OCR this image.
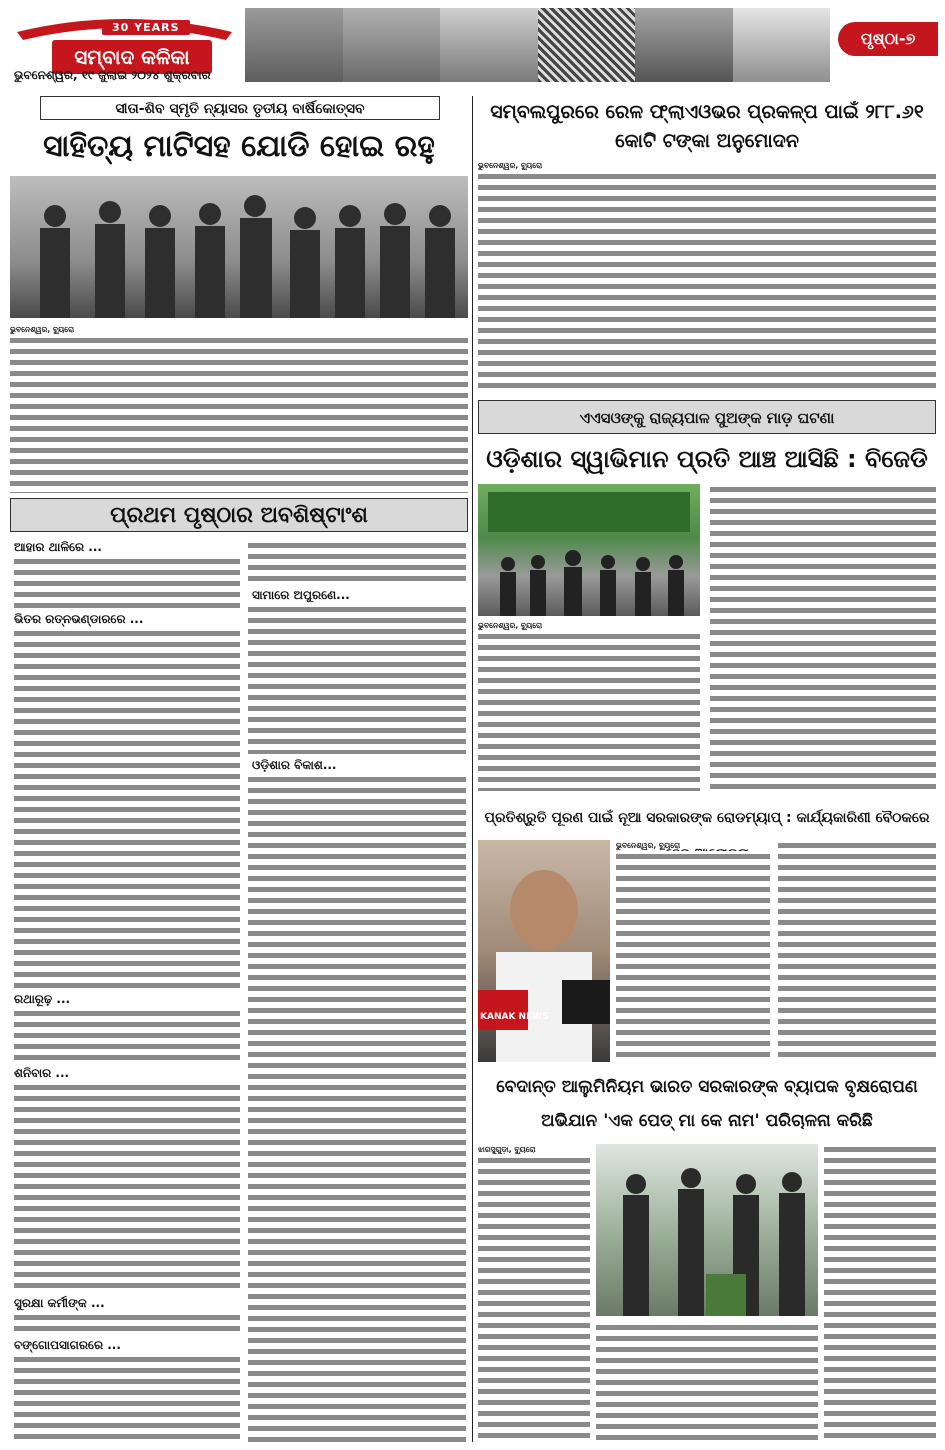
30 YEARS
ସମ୍ବାଦ କଳିକା
ଭୁବନେଶ୍ୱର, ୧୯ ଜୁଲାଇ ୨୦୨୪ ଶୁକ୍ରବାର
ପୃଷ୍ଠା-୭
ସୀତା-ଶିବ ସ୍ମୃତି ନ୍ୟାସର ତୃତୀୟ ବାର୍ଷିକୋତ୍ସବ
ସାହିତ୍ୟ ମାଟିସହ ଯୋଡି ହୋଇ ରହୁ
ଭୁବନେଶ୍ୱର, ବ୍ୟୁରୋ
ପ୍ରଥମ ପୃଷ୍ଠାର ଅବଶିଷ୍ଟାଂଶ
ଆହାର ଥାଳିରେ ...
ଭିତର ରତ୍ନଭଣ୍ଡାରରେ ...
ରଥାରୂଢ଼ ...
ଶନିବାର ...
ସୁରକ୍ଷା କର୍ମୀଙ୍କ ...
ବଙ୍ଗୋପସାଗରରେ ...
ସାମାରେ ଅପୁରଣେ...
ଓଡ଼ିଶାର ବିକାଶ...
ସମ୍ବଲପୁରରେ ରେଳ ଫ୍ଲାଏଓଭର ପ୍ରକଳ୍ପ ପାଇଁ ୨୮୮.୬୧ କୋଟି ଟଙ୍କା ଅନୁମୋଦନ
ଭୁବନେଶ୍ୱର, ବ୍ୟୁରୋ
ଏଏସଓଙ୍କୁ ରାଜ୍ୟପାଳ ପୁଅଙ୍କ ମାଡ଼ ଘଟଣା
ଓଡ଼ିଶାର ସ୍ୱାଭିମାନ ପ୍ରତି ଆଞ୍ଚ ଆସିଛି : ବିଜେଡି
ଭୁବନେଶ୍ୱର, ବ୍ୟୁରୋ
ପ୍ରତିଶ୍ରୁତି ପୂରଣ ପାଇଁ ନୂଆ ସରକାରଙ୍କ ରୋଡମ୍ୟାପ୍ : କାର୍ଯ୍ୟକାରିଣୀ ବୈଠକରେ
KANAK NEWS
ଭୁବନେଶ୍ୱର, ବ୍ୟୁରୋ
ବେଦାନ୍ତ ଆଲୁମିନିୟମ ଭାରତ ସରକାରଙ୍କ ବ୍ୟାପକ ବୃକ୍ଷରୋପଣ
ଅଭିଯାନ 'ଏକ ପେଡ୍ ମା କେ ନାମ' ପରିଚାଳନା କରିଛି
ଝାରସୁଗୁଡ଼ା, ବ୍ୟୁରୋ
